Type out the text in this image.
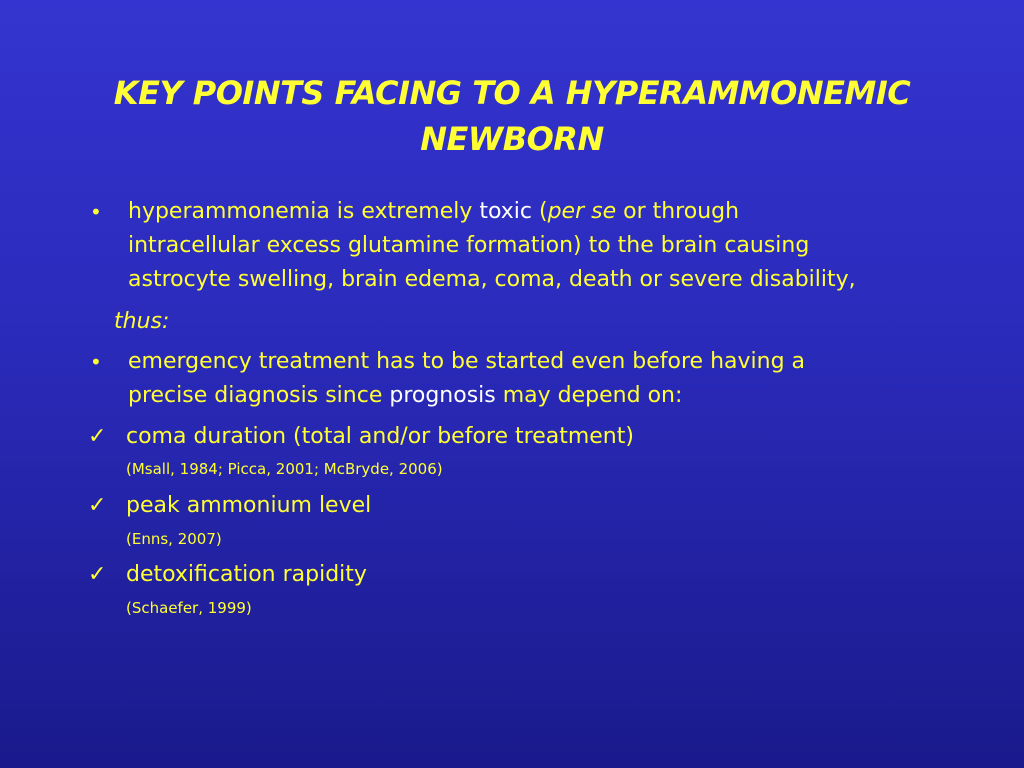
KEY POINTS FACING TO A HYPERAMMONEMIC
NEWBORN
•	hyperammonemia is extremely toxic (per se or through
intracellular excess glutamine formation) to the brain causing
astrocyte swelling, brain edema, coma, death or severe disability,
thus:
•	emergency treatment has to be started even before having a
precise diagnosis since prognosis may depend on:
✓ coma duration (total and/or before treatment)
(Msall, 1984; Picca, 2001; McBryde, 2006)
✓ peak ammonium level
(Enns, 2007)
✓ detoxification rapidity
(Schaefer, 1999)
